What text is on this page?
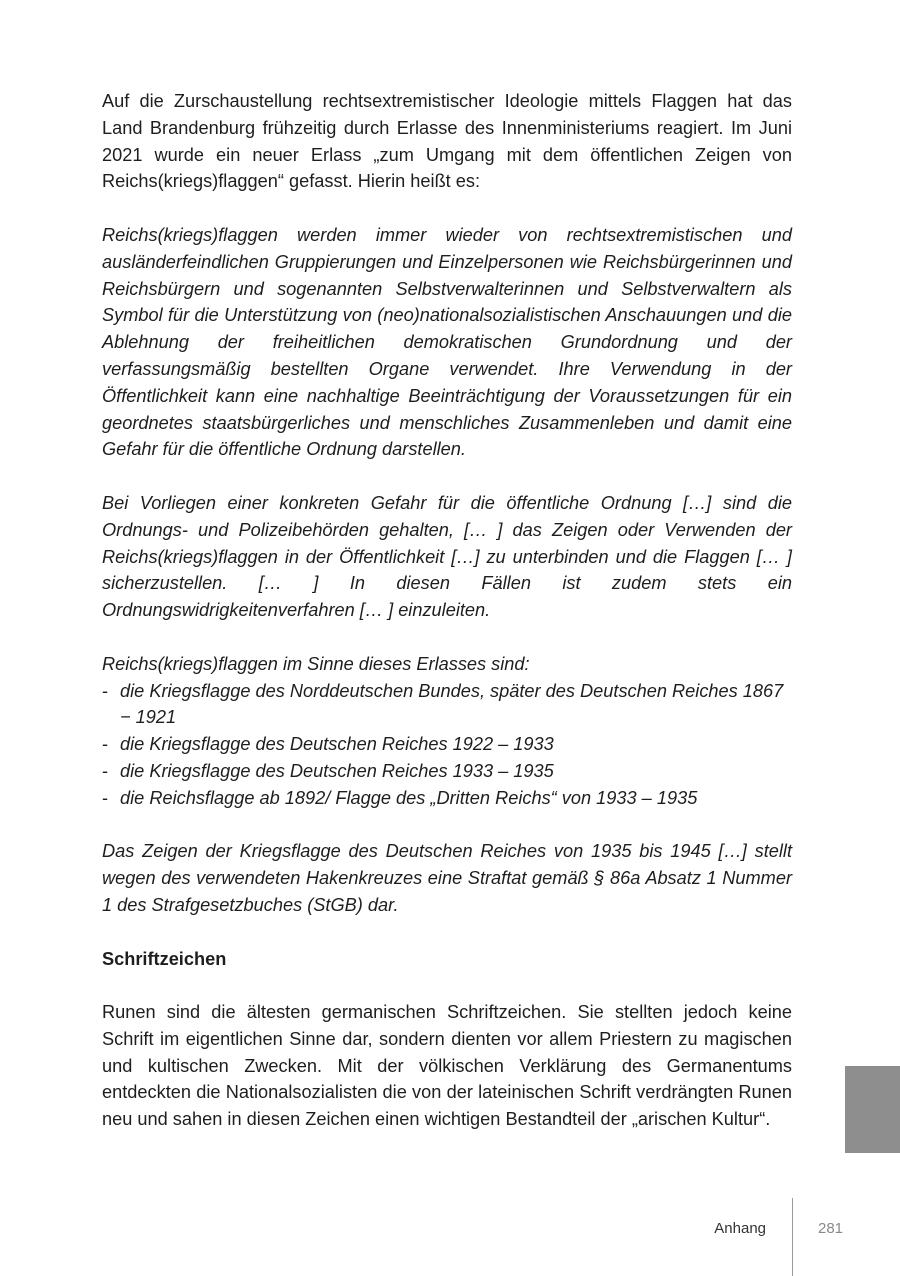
Auf die Zurschaustellung rechtsextremistischer Ideologie mittels Flaggen hat das Land Brandenburg frühzeitig durch Erlasse des Innenministeriums reagiert. Im Juni 2021 wurde ein neuer Erlass „zum Umgang mit dem öffentlichen Zeigen von Reichs(kriegs)flaggen“ gefasst. Hierin heißt es:

Reichs(kriegs)flaggen werden immer wieder von rechtsextremistischen und ausländerfeindlichen Gruppierungen und Einzelpersonen wie Reichsbürgerinnen und Reichsbürgern und sogenannten Selbstverwalterinnen und Selbstverwaltern als Symbol für die Unterstützung von (neo)nationalsozialistischen Anschauungen und die Ablehnung der freiheitlichen demokratischen Grundordnung und der verfassungsmäßig bestellten Organe verwendet. Ihre Verwendung in der Öffentlichkeit kann eine nachhaltige Beeinträchtigung der Voraussetzungen für ein geordnetes staatsbürgerliches und menschliches Zusammenleben und damit eine Gefahr für die öffentliche Ordnung darstellen.

Bei Vorliegen einer konkreten Gefahr für die öffentliche Ordnung […] sind die Ordnungs- und Polizeibehörden gehalten, [… ] das Zeigen oder Verwenden der Reichs(kriegs)flaggen in der Öffentlichkeit […] zu unterbinden und die Flaggen [… ] sicherzustellen. [… ] In diesen Fällen ist zudem stets ein Ordnungswidrigkeitenverfahren [… ] einzuleiten.

Reichs(kriegs)flaggen im Sinne dieses Erlasses sind:

- die Kriegsflagge des Norddeutschen Bundes, später des Deutschen Reiches 1867 − 1921
- die Kriegsflagge des Deutschen Reiches 1922 – 1933
- die Kriegsflagge des Deutschen Reiches 1933 – 1935
- die Reichsflagge ab 1892/ Flagge des „Dritten Reichs“ von 1933 – 1935

Das Zeigen der Kriegsflagge des Deutschen Reiches von 1935 bis 1945 […] stellt wegen des verwendeten Hakenkreuzes eine Straftat gemäß § 86a Absatz 1 Nummer 1 des Strafgesetzbuches (StGB) dar.

Schriftzeichen

Runen sind die ältesten germanischen Schriftzeichen. Sie stellten jedoch keine Schrift im eigentlichen Sinne dar, sondern dienten vor allem Priestern zu magischen und kultischen Zwecken. Mit der völkischen Verklärung des Germanentums entdeckten die Nationalsozialisten die von der lateinischen Schrift verdrängten Runen neu und sahen in diesen Zeichen einen wichtigen Bestandteil der „arischen Kultur“.

Anhang	281
